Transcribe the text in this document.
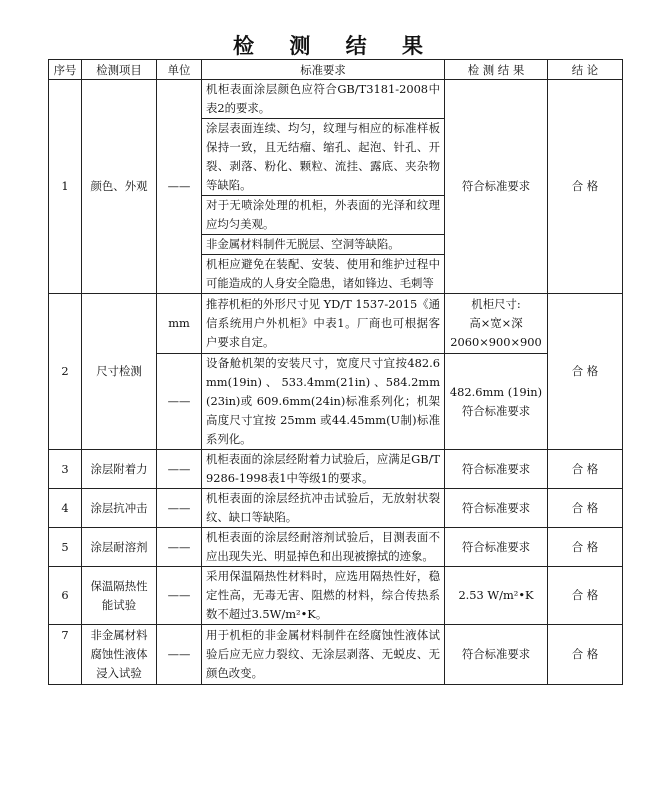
检 测 结 果
序号	检测项目	单位	标准要求	检 测 结 果	结 论
1	颜色、外观	——	机柜表面涂层颜色应符合GB/T3181-2008中表2的要求。	符合标准要求	合 格
			涂层表面连续、均匀，纹理与相应的标准样板保持一致，且无结瘤、缩孔、起泡、针孔、开裂、剥落、粉化、颗粒、流挂、露底、夹杂物等缺陷。		
			对于无喷涂处理的机柜，外表面的光泽和纹理应均匀美观。		
			非金属材料制件无脱层、空洞等缺陷。		
			机柜应避免在装配、安装、使用和维护过程中可能造成的人身安全隐患，诸如锋边、毛刺等		
2	尺寸检测	mm	推荐机柜的外形尺寸见 YD/T 1537-2015《通信系统用户外机柜》中表1。厂商也可根据客户要求自定。	机柜尺寸:
高×宽×深
2060×900×900	合 格
		——	设备舱机架的安装尺寸，宽度尺寸宜按482.6mm(19in) 、 533.4mm(21in) 、584.2mm(23in)或 609.6mm(24in)标准系列化；机架高度尺寸宜按 25mm 或44.45mm(U制)标准系列化。	482.6mm (19in)
符合标准要求	

3	涂层附着力	——	机柜表面的涂层经附着力试验后，应满足GB/T9286-1998表1中等级1的要求。	符合标准要求	合 格
4	涂层抗冲击	——	机柜表面的涂层经抗冲击试验后，无放射状裂纹、缺口等缺陷。	符合标准要求	合 格
5	涂层耐溶剂	——	机柜表面的涂层经耐溶剂试验后，目测表面不应出现失光、明显掉色和出现被擦拭的迹象。	符合标准要求	合 格
6	保温隔热性
能试验	——	采用保温隔热性材料时，应选用隔热性好，稳定性高，无毒无害、阻燃的材料，综合传热系数不超过3.5W/m²•K。	2.53 W/m²•K	合 格
7	非金属材料
腐蚀性液体
浸入试验	——	用于机柜的非金属材料制件在经腐蚀性液体试验后应无应力裂纹、无涂层剥落、无蜕皮、无颜色改变。	符合标准要求	合 格
